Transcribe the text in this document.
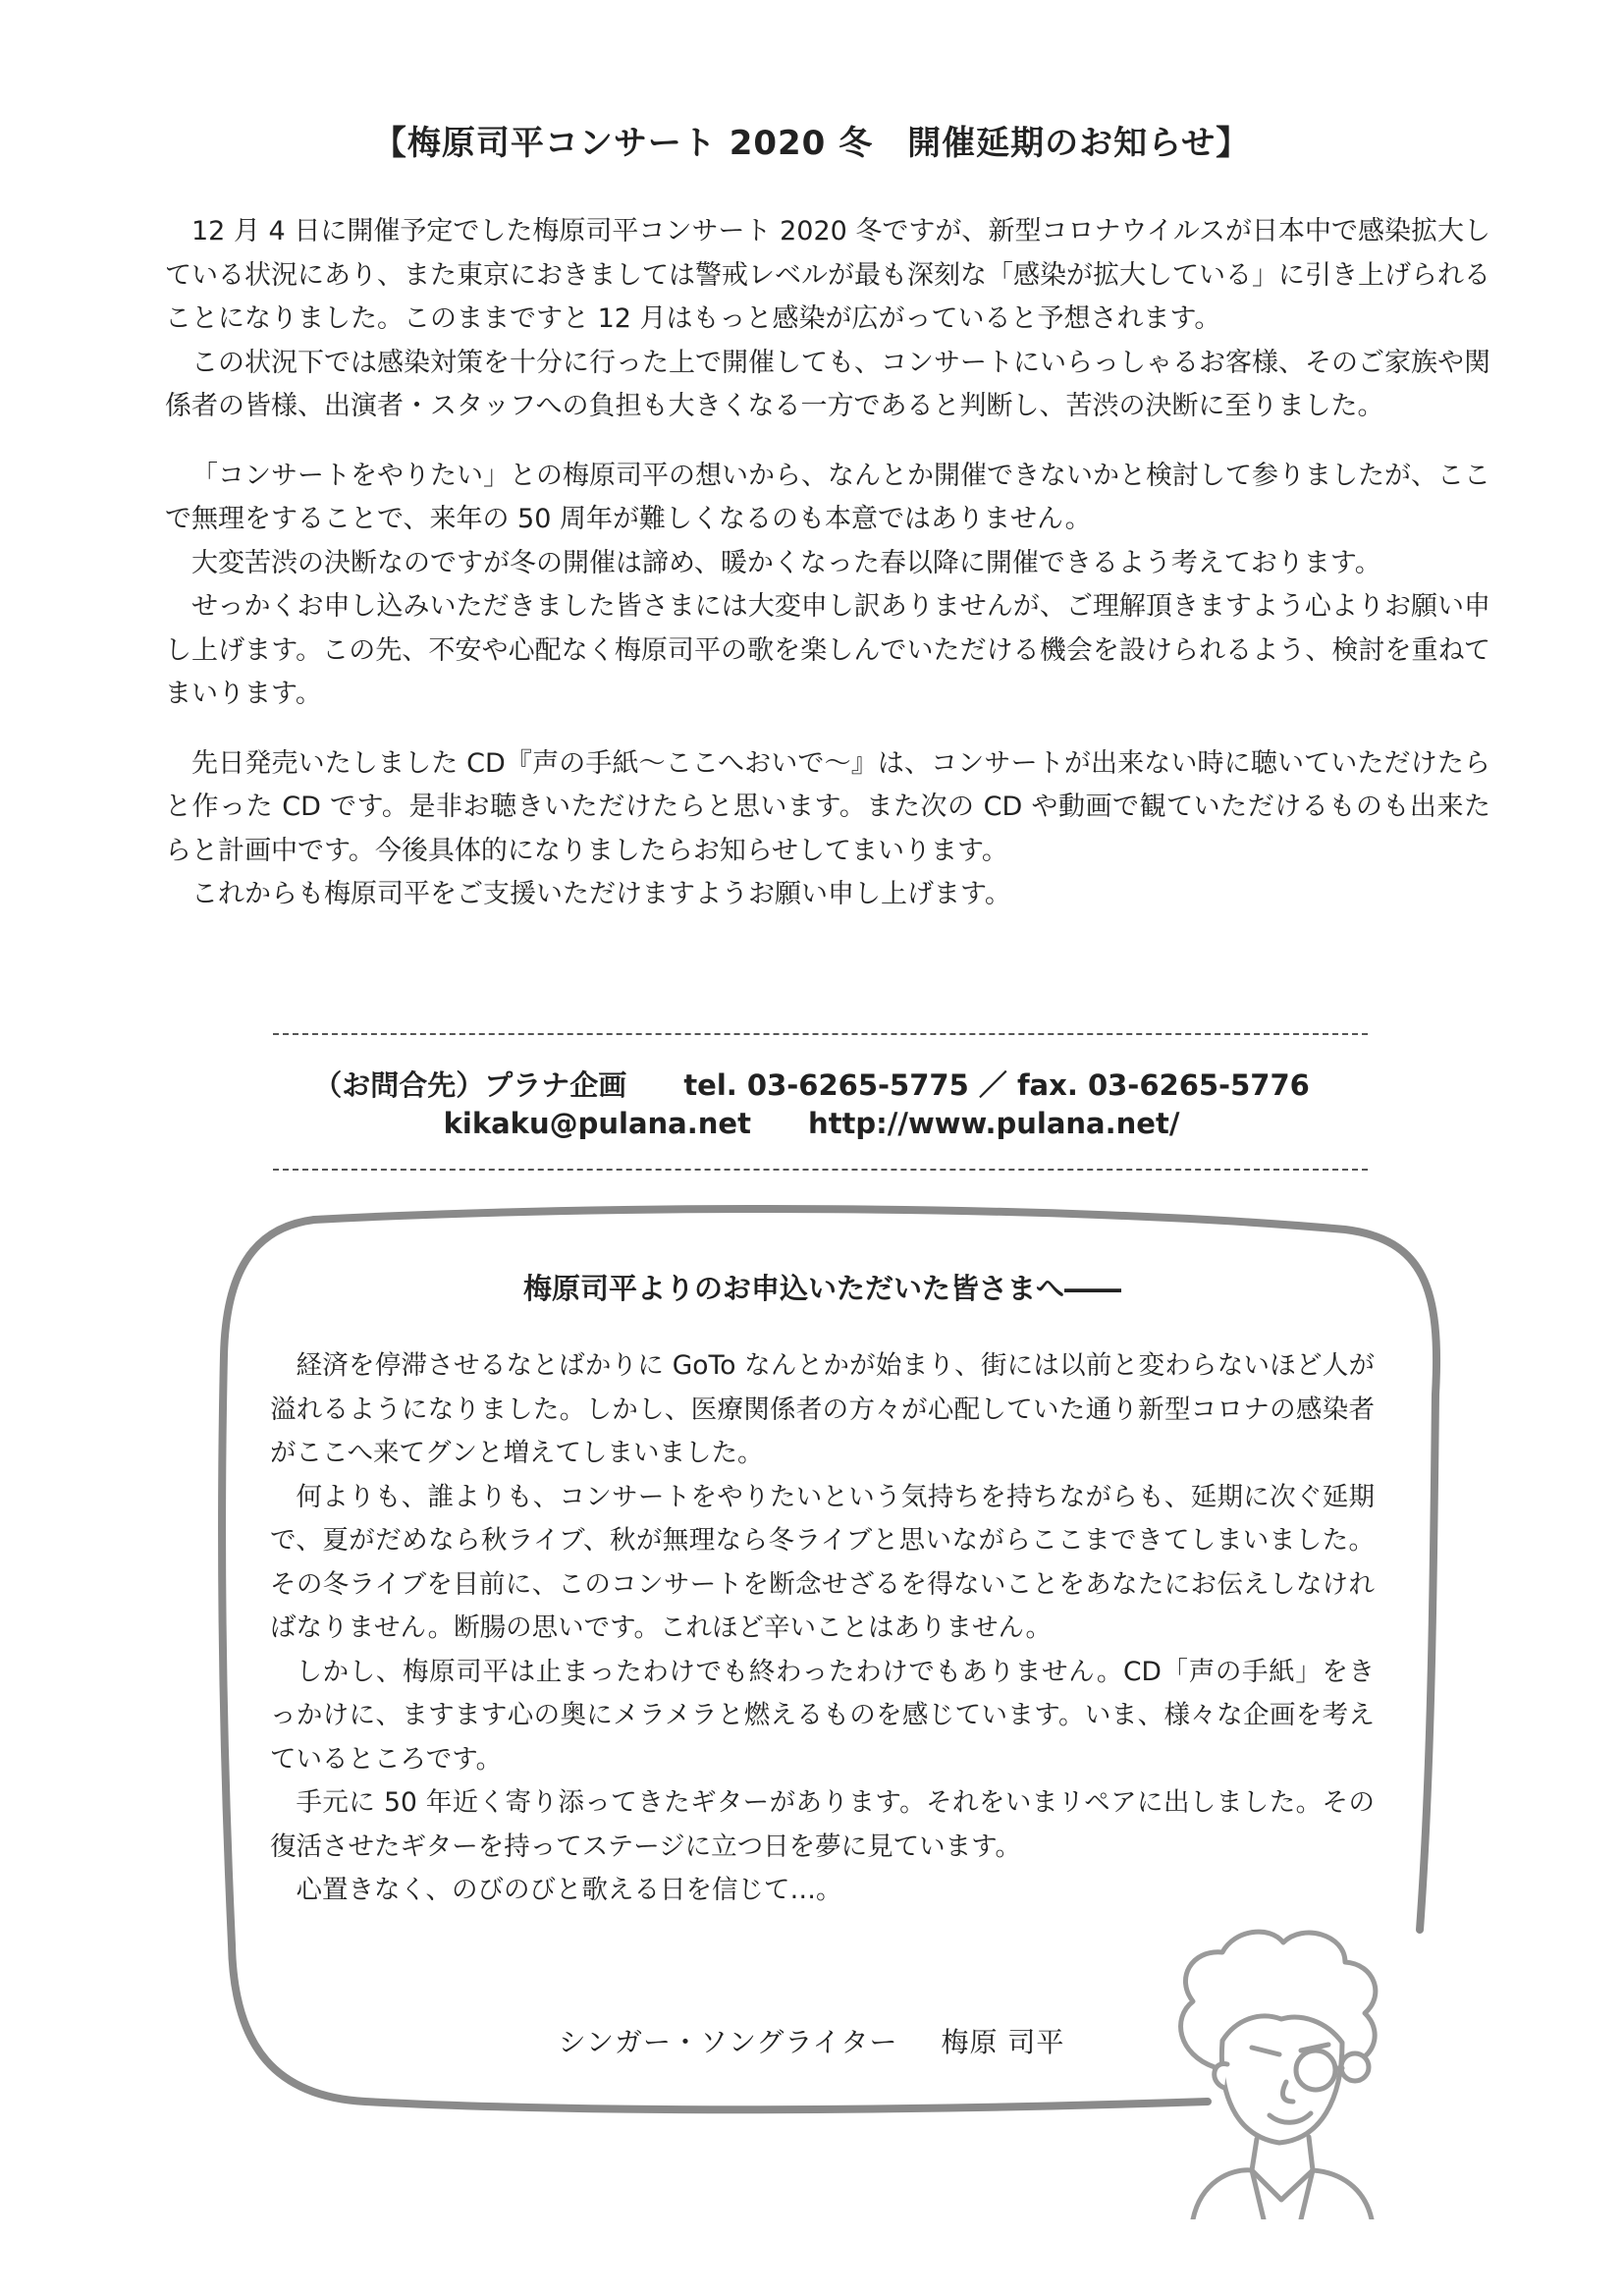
【梅原司平コンサート 2020 冬　開催延期のお知らせ】

12 月 4 日に開催予定でした梅原司平コンサート 2020 冬ですが、新型コロナウイルスが日本中で感染拡大している状況にあり、また東京におきましては警戒レベルが最も深刻な「感染が拡大している」に引き上げられることになりました。このままですと 12 月はもっと感染が広がっていると予想されます。

この状況下では感染対策を十分に行った上で開催しても、コンサートにいらっしゃるお客様、そのご家族や関係者の皆様、出演者・スタッフへの負担も大きくなる一方であると判断し、苦渋の決断に至りました。

「コンサートをやりたい」との梅原司平の想いから、なんとか開催できないかと検討して参りましたが、ここで無理をすることで、来年の 50 周年が難しくなるのも本意ではありません。

大変苦渋の決断なのですが冬の開催は諦め、暖かくなった春以降に開催できるよう考えております。

せっかくお申し込みいただきました皆さまには大変申し訳ありませんが、ご理解頂きますよう心よりお願い申し上げます。この先、不安や心配なく梅原司平の歌を楽しんでいただける機会を設けられるよう、検討を重ねてまいります。

先日発売いたしました CD『声の手紙～ここへおいで～』は、コンサートが出来ない時に聴いていただけたらと作った CD です。是非お聴きいただけたらと思います。また次の CD や動画で観ていただけるものも出来たらと計画中です。今後具体的になりましたらお知らせしてまいります。

これからも梅原司平をご支援いただけますようお願い申し上げます。

（お問合先）プラナ企画 tel. 03-6265-5775 ／ fax. 03-6265-5776
kikaku@pulana.net http://www.pulana.net/
梅原司平よりのお申込いただいた皆さまへ――

経済を停滞させるなとばかりに GoTo なんとかが始まり、街には以前と変わらないほど人が溢れるようになりました。しかし、医療関係者の方々が心配していた通り新型コロナの感染者がここへ来てグンと増えてしまいました。

何よりも、誰よりも、コンサートをやりたいという気持ちを持ちながらも、延期に次ぐ延期で、夏がだめなら秋ライブ、秋が無理なら冬ライブと思いながらここまできてしまいました。その冬ライブを目前に、このコンサートを断念せざるを得ないことをあなたにお伝えしなければなりません。断腸の思いです。これほど辛いことはありません。

しかし、梅原司平は止まったわけでも終わったわけでもありません。CD「声の手紙」をきっかけに、ますます心の奥にメラメラと燃えるものを感じています。いま、様々な企画を考えているところです。

手元に 50 年近く寄り添ってきたギターがあります。それをいまリペアに出しました。その復活させたギターを持ってステージに立つ日を夢に見ています。

心置きなく、のびのびと歌える日を信じて…。

シンガー・ソングライター 梅原 司平
